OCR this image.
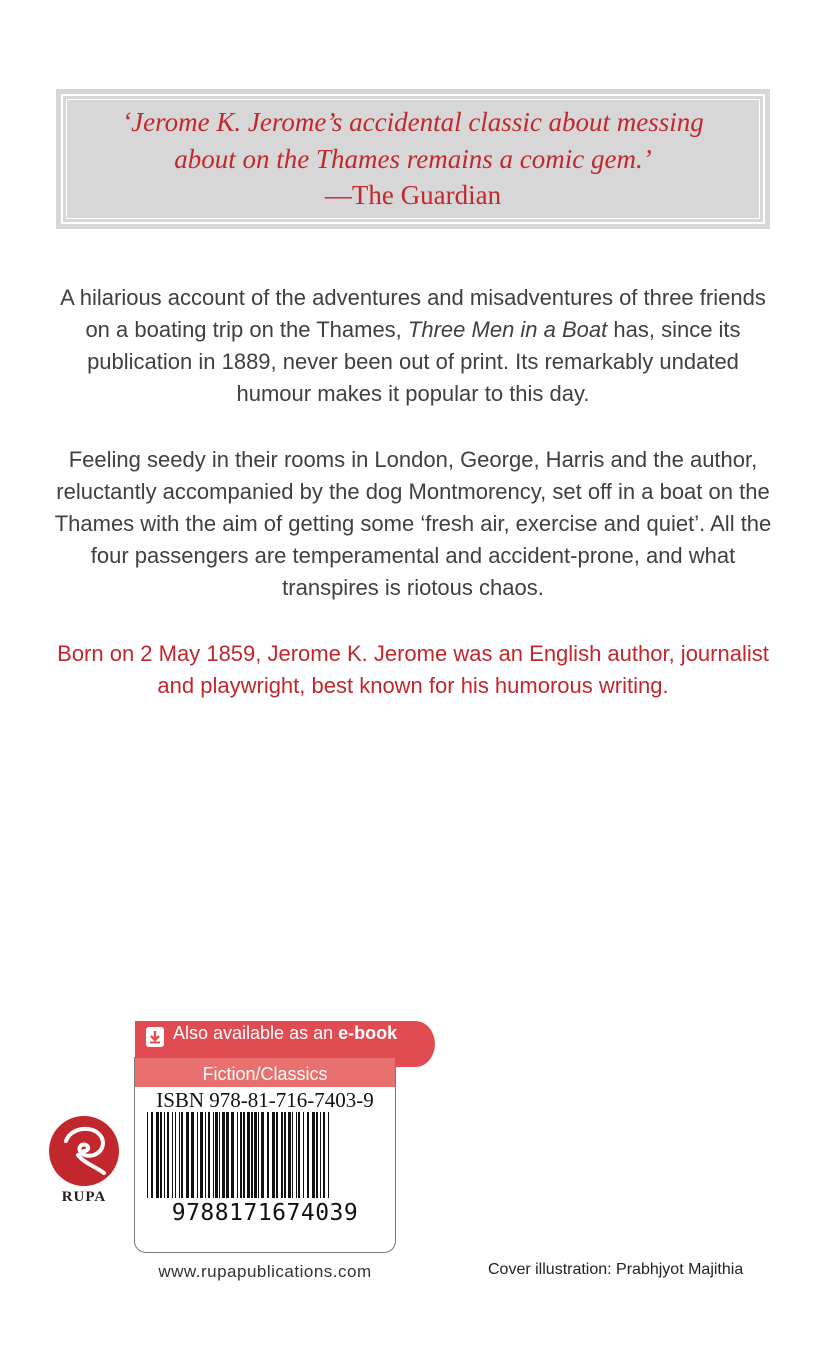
‘Jerome K. Jerome’s accidental classic about messing about on the Thames remains a comic gem.’
—The Guardian

A hilarious account of the adventures and misadventures of three friends on a boating trip on the Thames, Three Men in a Boat has, since its publication in 1889, never been out of print. Its remarkably undated humour makes it popular to this day.

Feeling seedy in their rooms in London, George, Harris and the author, reluctantly accompanied by the dog Montmorency, set off in a boat on the Thames with the aim of getting some ‘fresh air, exercise and quiet’. All the four passengers are temperamental and accident-prone, and what transpires is riotous chaos.

Born on 2 May 1859, Jerome K. Jerome was an English author, journalist and playwright, best known for his humorous writing.

Also available as an e-book
Fiction/Classics
ISBN 978-81-716-7403-9
9788171674039
RUPA
www.rupapublications.com	Cover illustration: Prabhjyot Majithia
